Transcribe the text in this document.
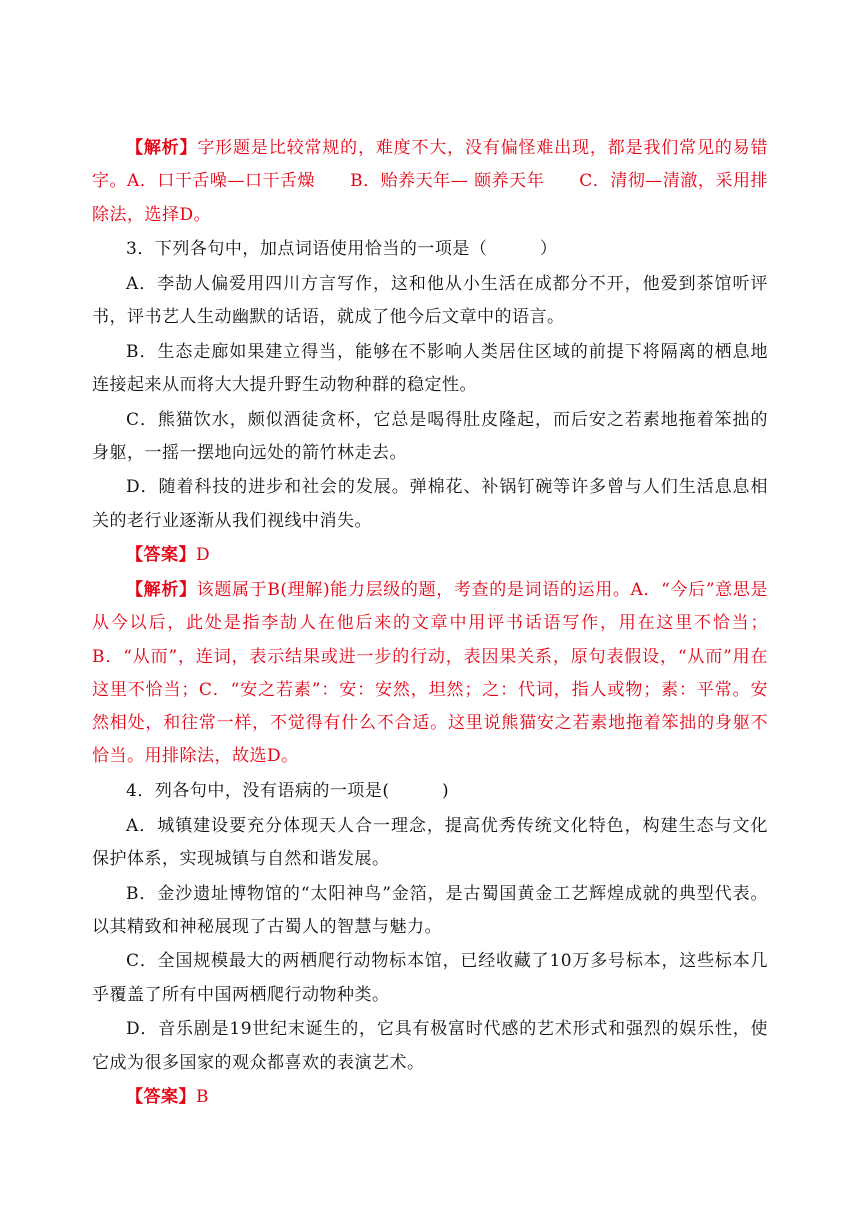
【解析】字形题是比较常规的，难度不大，没有偏怪难出现，都是我们常见的易错字。A．口干舌噪—口干舌燥　　B．贻养天年— 颐养天年　　C．清彻—清澈，采用排除法，选择D。

3．下列各句中，加点词语使用恰当的一项是（　　　）

A．李劼人偏爱用四川方言写作，这和他从小生活在成都分不开，他爱到茶馆听评书，评书艺人生动幽默的话语，就成了他今后文章中的语言。

B．生态走廊如果建立得当，能够在不影响人类居住区域的前提下将隔离的栖息地连接起来从而将大大提升野生动物种群的稳定性。

C．熊猫饮水，颇似酒徒贪杯，它总是喝得肚皮隆起，而后安之若素地拖着笨拙的身躯，一摇一摆地向远处的箭竹林走去。

D．随着科技的进步和社会的发展。弹棉花、补锅钉碗等许多曾与人们生活息息相关的老行业逐渐从我们视线中消失。

【答案】D

【解析】该题属于B(理解)能力层级的题，考查的是词语的运用。A．“今后”意思是从今以后，此处是指李劼人在他后来的文章中用评书话语写作，用在这里不恰当；B．“从而”，连词，表示结果或进一步的行动，表因果关系，原句表假设，“从而”用在这里不恰当；C．“安之若素”：安：安然，坦然；之：代词，指人或物；素：平常。安然相处，和往常一样，不觉得有什么不合适。这里说熊猫安之若素地拖着笨拙的身躯不恰当。用排除法，故选D。

4．列各句中，没有语病的一项是(　　　)

A．城镇建设要充分体现天人合一理念，提高优秀传统文化特色，构建生态与文化保护体系，实现城镇与自然和谐发展。

B．金沙遗址博物馆的“太阳神鸟”金箔，是古蜀国黄金工艺辉煌成就的典型代表。以其精致和神秘展现了古蜀人的智慧与魅力。

C．全国规模最大的两栖爬行动物标本馆，已经收藏了10万多号标本，这些标本几乎覆盖了所有中国两栖爬行动物种类。

D．音乐剧是19世纪末诞生的，它具有极富时代感的艺术形式和强烈的娱乐性，使它成为很多国家的观众都喜欢的表演艺术。

【答案】B
